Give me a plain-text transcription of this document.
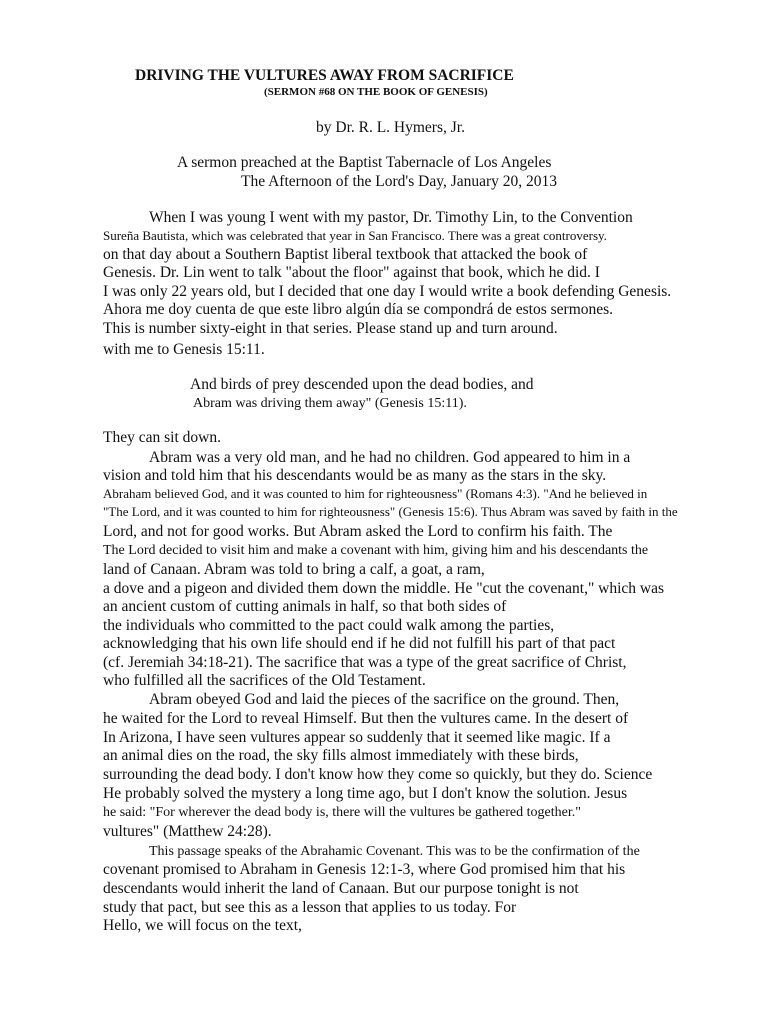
DRIVING THE VULTURES AWAY FROM SACRIFICE
(SERMON #68 ON THE BOOK OF GENESIS)
by Dr. R. L. Hymers, Jr.
A sermon preached at the Baptist Tabernacle of Los Angeles
The Afternoon of the Lord's Day, January 20, 2013
When I was young I went with my pastor, Dr. Timothy Lin, to the Convention
Sureña Bautista, which was celebrated that year in San Francisco. There was a great controversy.
on that day about a Southern Baptist liberal textbook that attacked the book of
Genesis. Dr. Lin went to talk "about the floor" against that book, which he did. I
I was only 22 years old, but I decided that one day I would write a book defending Genesis.
Ahora me doy cuenta de que este libro algún día se compondrá de estos sermones.
This is number sixty-eight in that series. Please stand up and turn around.
with me to Genesis 15:11.
And birds of prey descended upon the dead bodies, and
Abram was driving them away" (Genesis 15:11).
They can sit down.
Abram was a very old man, and he had no children. God appeared to him in a
vision and told him that his descendants would be as many as the stars in the sky.
Abraham believed God, and it was counted to him for righteousness" (Romans 4:3). "And he believed in
"The Lord, and it was counted to him for righteousness" (Genesis 15:6). Thus Abram was saved by faith in the
Lord, and not for good works. But Abram asked the Lord to confirm his faith. The
The Lord decided to visit him and make a covenant with him, giving him and his descendants the
land of Canaan. Abram was told to bring a calf, a goat, a ram,
a dove and a pigeon and divided them down the middle. He "cut the covenant," which was
an ancient custom of cutting animals in half, so that both sides of
the individuals who committed to the pact could walk among the parties,
acknowledging that his own life should end if he did not fulfill his part of that pact
(cf. Jeremiah 34:18-21). The sacrifice that was a type of the great sacrifice of Christ,
who fulfilled all the sacrifices of the Old Testament.
Abram obeyed God and laid the pieces of the sacrifice on the ground. Then,
he waited for the Lord to reveal Himself. But then the vultures came. In the desert of
In Arizona, I have seen vultures appear so suddenly that it seemed like magic. If a
an animal dies on the road, the sky fills almost immediately with these birds,
surrounding the dead body. I don't know how they come so quickly, but they do. Science
He probably solved the mystery a long time ago, but I don't know the solution. Jesus
he said: "For wherever the dead body is, there will the vultures be gathered together."
vultures" (Matthew 24:28).
This passage speaks of the Abrahamic Covenant. This was to be the confirmation of the
covenant promised to Abraham in Genesis 12:1-3, where God promised him that his
descendants would inherit the land of Canaan. But our purpose tonight is not
study that pact, but see this as a lesson that applies to us today. For
Hello, we will focus on the text,
